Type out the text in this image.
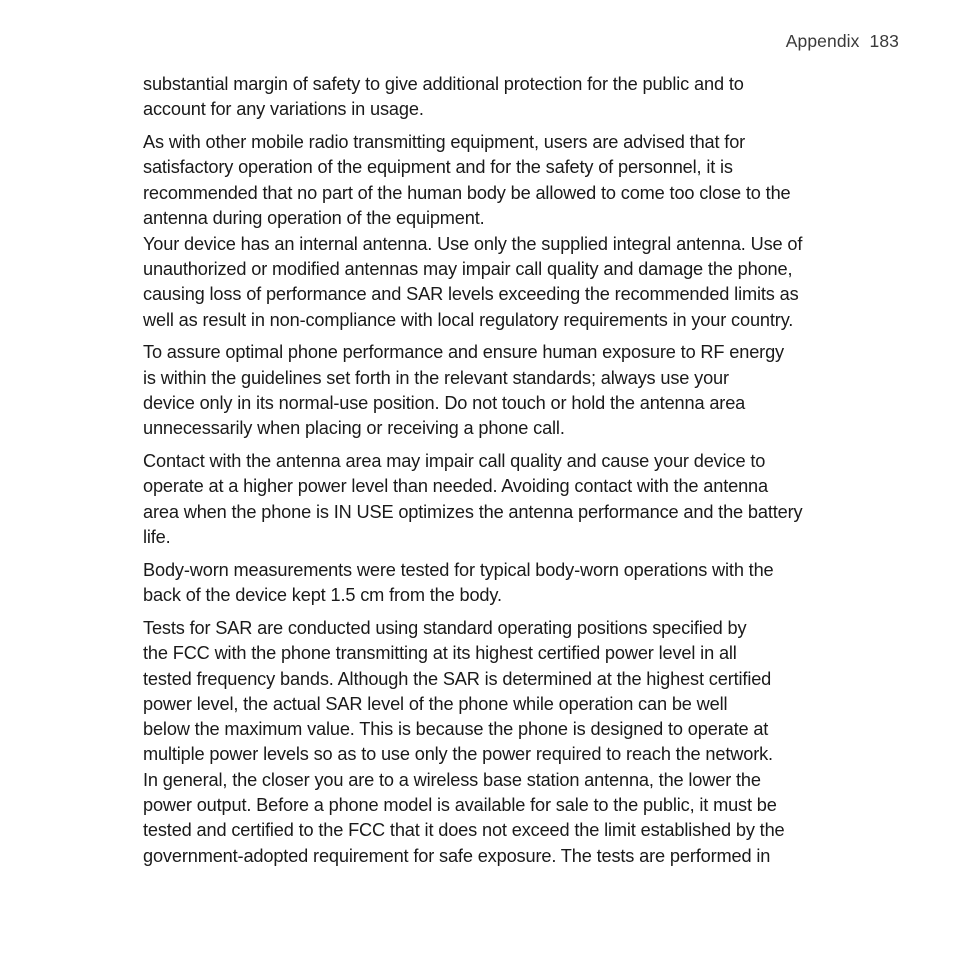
Appendix 183

substantial margin of safety to give additional protection for the public and to
account for any variations in usage.

As with other mobile radio transmitting equipment, users are advised that for
satisfactory operation of the equipment and for the safety of personnel, it is
recommended that no part of the human body be allowed to come too close to the
antenna during operation of the equipment.

Your device has an internal antenna. Use only the supplied integral antenna. Use of
unauthorized or modified antennas may impair call quality and damage the phone,
causing loss of performance and SAR levels exceeding the recommended limits as
well as result in non-compliance with local regulatory requirements in your country.

To assure optimal phone performance and ensure human exposure to RF energy
is within the guidelines set forth in the relevant standards; always use your
device only in its normal-use position. Do not touch or hold the antenna area
unnecessarily when placing or receiving a phone call.

Contact with the antenna area may impair call quality and cause your device to
operate at a higher power level than needed. Avoiding contact with the antenna
area when the phone is IN USE optimizes the antenna performance and the battery
life.

Body-worn measurements were tested for typical body-worn operations with the
back of the device kept 1.5 cm from the body.

Tests for SAR are conducted using standard operating positions specified by
the FCC with the phone transmitting at its highest certified power level in all
tested frequency bands. Although the SAR is determined at the highest certified
power level, the actual SAR level of the phone while operation can be well
below the maximum value. This is because the phone is designed to operate at
multiple power levels so as to use only the power required to reach the network.
In general, the closer you are to a wireless base station antenna, the lower the
power output. Before a phone model is available for sale to the public, it must be
tested and certified to the FCC that it does not exceed the limit established by the
government-adopted requirement for safe exposure. The tests are performed in
